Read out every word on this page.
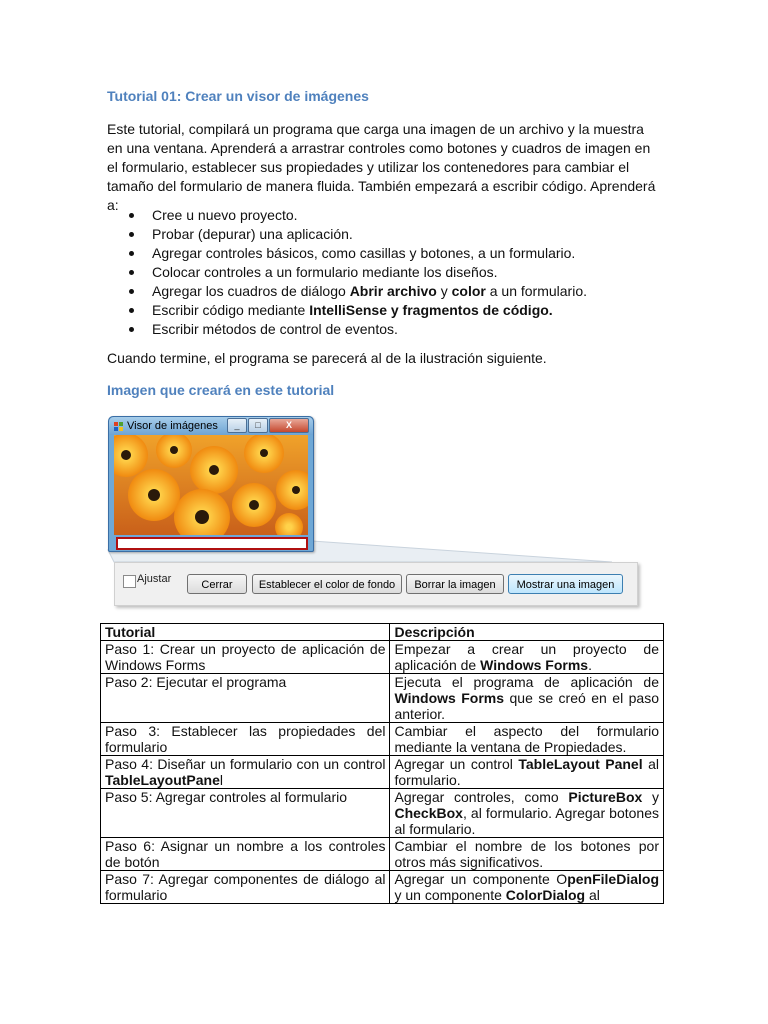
Tutorial 01: Crear un visor de imágenes

Este tutorial, compilará un programa que carga una imagen de un archivo y la muestra en una ventana. Aprenderá a arrastrar controles como botones y cuadros de imagen en el formulario, establecer sus propiedades y utilizar los contenedores para cambiar el tamaño del formulario de manera fluida. También empezará a escribir código. Aprenderá a:

Cree u nuevo proyecto.
Probar (depurar) una aplicación.
Agregar controles básicos, como casillas y botones, a un formulario.
Colocar controles a un formulario mediante los diseños.
Agregar los cuadros de diálogo Abrir archivo y color a un formulario.
Escribir código mediante IntelliSense y fragmentos de código.
Escribir métodos de control de eventos.

Cuando termine, el programa se parecerá al de la ilustración siguiente.

Imagen que creará en este tutorial
Visor de imágenes	_	□	X
Ajustar	Cerrar	Establecer el color de fondo	Borrar la imagen	Mostrar una imagen
Tutorial	Descripción
Paso 1: Crear un proyecto de aplicación de Windows Forms	Empezar a crear un proyecto de aplicación de Windows Forms.
Paso 2: Ejecutar el programa	Ejecuta el programa de aplicación de Windows Forms que se creó en el paso anterior.
Paso 3: Establecer las propiedades del formulario	Cambiar el aspecto del formulario mediante la ventana de Propiedades.
Paso 4: Diseñar un formulario con un control TableLayoutPanel	Agregar un control TableLayout Panel al formulario.
Paso 5: Agregar controles al formulario	Agregar controles, como PictureBox y CheckBox, al formulario. Agregar botones al formulario.
Paso 6: Asignar un nombre a los controles de botón	Cambiar el nombre de los botones por otros más significativos.
Paso 7: Agregar componentes de diálogo al formulario	Agregar un componente OpenFileDialog y un componente ColorDialog al
